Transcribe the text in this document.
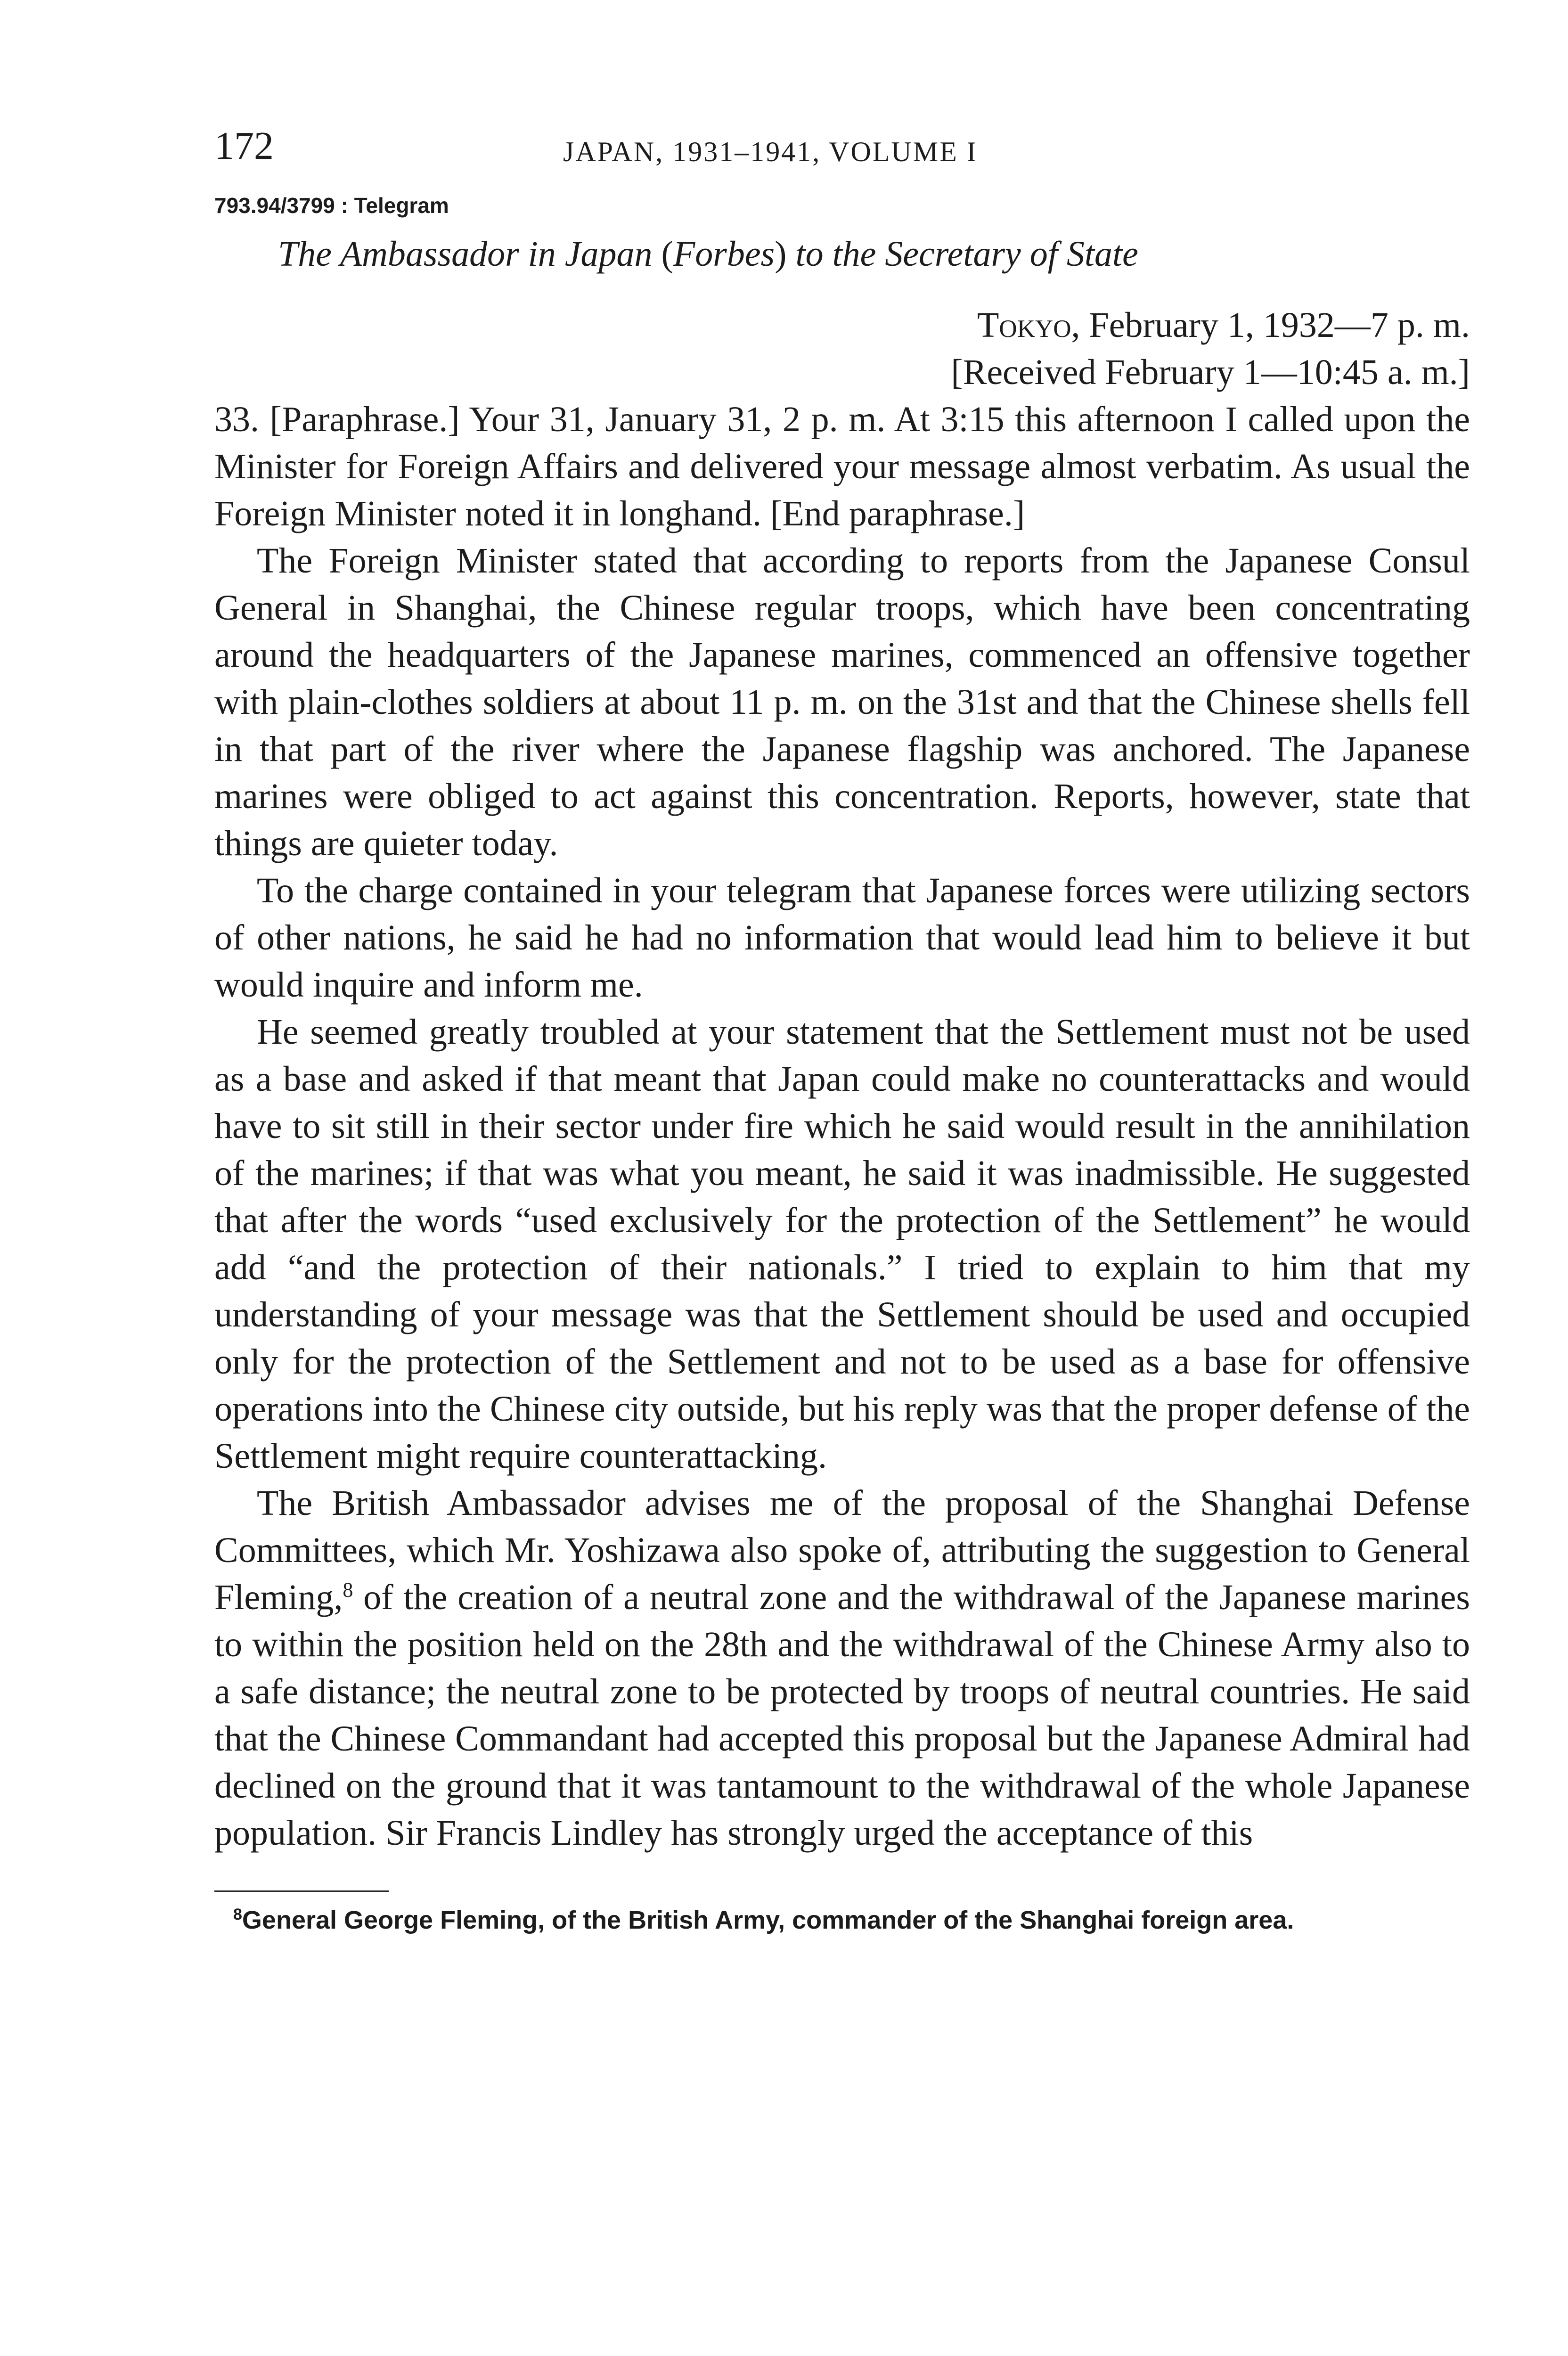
172	JAPAN, 1931–1941, VOLUME I
793.94/3799 : Telegram
The Ambassador in Japan (Forbes) to the Secretary of State
Tokyo, February 1, 1932—7 p. m.
[Received February 1—10:45 a. m.]

33. [Paraphrase.] Your 31, January 31, 2 p. m. At 3:15 this afternoon I called upon the Minister for Foreign Affairs and delivered your message almost verbatim. As usual the Foreign Minister noted it in longhand. [End paraphrase.]

The Foreign Minister stated that according to reports from the Japanese Consul General in Shanghai, the Chinese regular troops, which have been concentrating around the headquarters of the Japanese marines, commenced an offensive together with plain-clothes soldiers at about 11 p. m. on the 31st and that the Chinese shells fell in that part of the river where the Japanese flagship was anchored. The Japanese marines were obliged to act against this concentration. Reports, however, state that things are quieter today.

To the charge contained in your telegram that Japanese forces were utilizing sectors of other nations, he said he had no information that would lead him to believe it but would inquire and inform me.

He seemed greatly troubled at your statement that the Settlement must not be used as a base and asked if that meant that Japan could make no counterattacks and would have to sit still in their sector under fire which he said would result in the annihilation of the marines; if that was what you meant, he said it was inadmissible. He suggested that after the words “used exclusively for the protection of the Settlement” he would add “and the protection of their nationals.” I tried to explain to him that my understanding of your message was that the Settlement should be used and occupied only for the protection of the Settlement and not to be used as a base for offensive operations into the Chinese city outside, but his reply was that the proper defense of the Settlement might require counterattacking.

The British Ambassador advises me of the proposal of the Shanghai Defense Committees, which Mr. Yoshizawa also spoke of, attributing the suggestion to General Fleming,$^8$ of the creation of a neutral zone and the withdrawal of the Japanese marines to within the position held on the 28th and the withdrawal of the Chinese Army also to a safe distance; the neutral zone to be protected by troops of neutral countries. He said that the Chinese Commandant had accepted this proposal but the Japanese Admiral had declined on the ground that it was tantamount to the withdrawal of the whole Japanese population. Sir Francis Lindley has strongly urged the acceptance of this

$^8$General George Fleming, of the British Army, commander of the Shanghai foreign area.
